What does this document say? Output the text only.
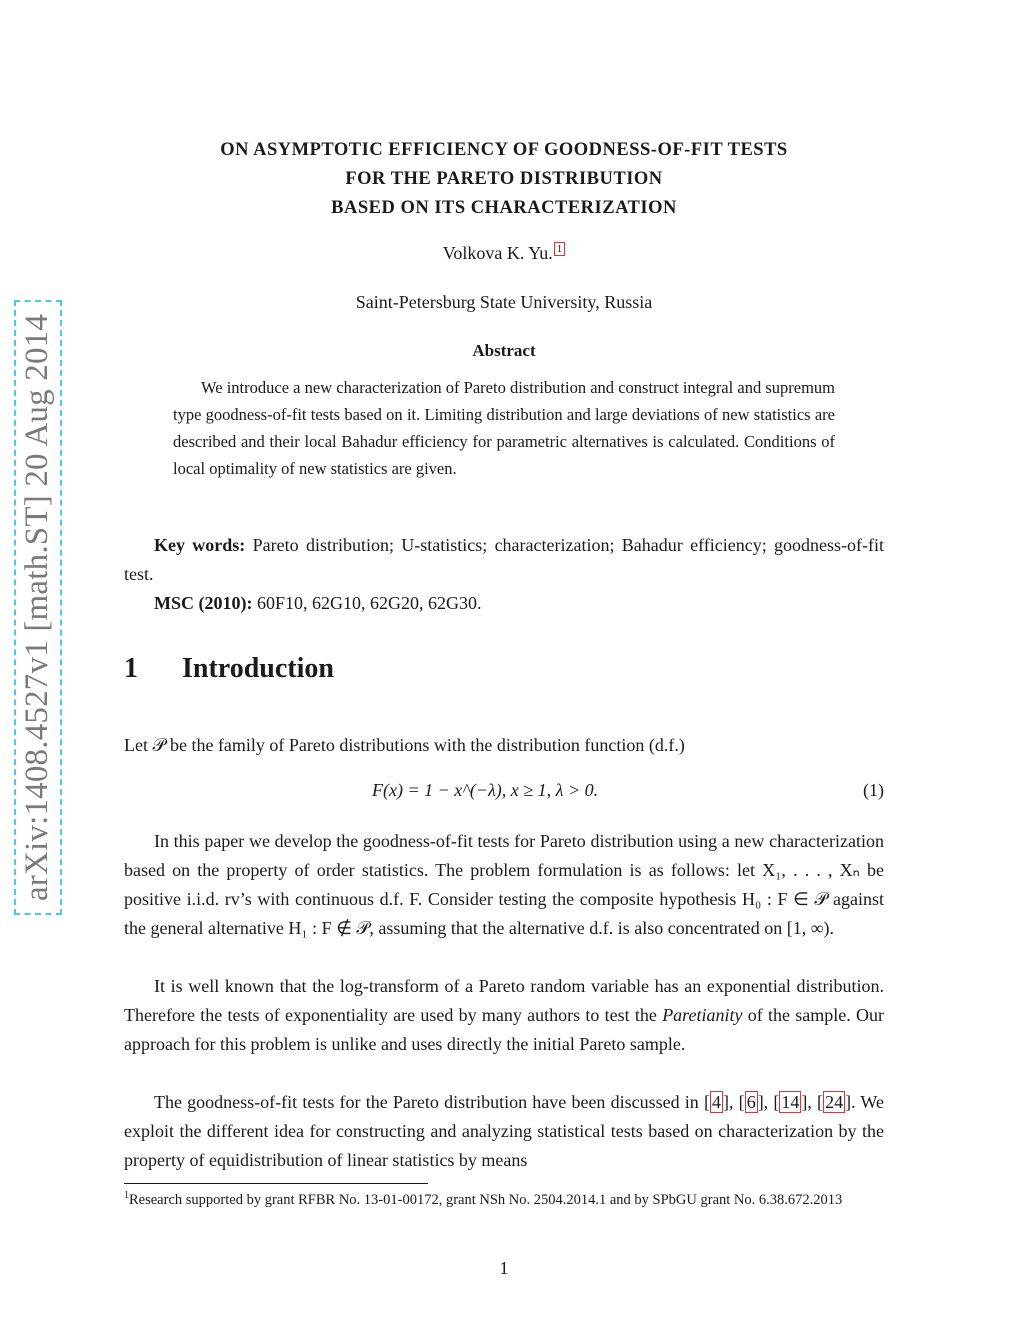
arXiv:1408.4527v1 [math.ST] 20 Aug 2014
ON ASYMPTOTIC EFFICIENCY OF GOODNESS-OF-FIT TESTS
FOR THE PARETO DISTRIBUTION
BASED ON ITS CHARACTERIZATION
Volkova K. Yu. $^1$
Saint-Petersburg State University, Russia
Abstract

We introduce a new characterization of Pareto distribution and construct integral and supremum type goodness-of-fit tests based on it. Limiting distribution and large deviations of new statistics are described and their local Bahadur efficiency for parametric alternatives is calculated. Conditions of local optimality of new statistics are given.

Key words: Pareto distribution; U-statistics; characterization; Bahadur efficiency; goodness-of-fit test.

MSC (2010): 60F10, 62G10, 62G20, 62G30.

1 Introduction

Let 𝒫 be the family of Pareto distributions with the distribution function (d.f.)

F(x) = 1 − x^(−λ), x ≥ 1, λ > 0.	(1)

In this paper we develop the goodness-of-fit tests for Pareto distribution using a new characterization based on the property of order statistics. The problem formulation is as follows: let X₁, . . . , Xₙ be positive i.i.d. rv’s with continuous d.f. F. Consider testing the composite hypothesis H₀ : F ∈ 𝒫 against the general alternative H₁ : F ∉ 𝒫, assuming that the alternative d.f. is also concentrated on [1, ∞).

It is well known that the log-transform of a Pareto random variable has an exponential distribution. Therefore the tests of exponentiality are used by many authors to test the Paretianity of the sample. Our approach for this problem is unlike and uses directly the initial Pareto sample.

The goodness-of-fit tests for the Pareto distribution have been discussed in [ 4 ], [ 6 ], [ 14 ], [ 24 ]. We exploit the different idea for constructing and analyzing statistical tests based on characterization by the property of equidistribution of linear statistics by means

$^1$Research supported by grant RFBR No. 13-01-00172, grant NSh No. 2504.2014.1 and by SPbGU grant No. 6.38.672.2013

1
